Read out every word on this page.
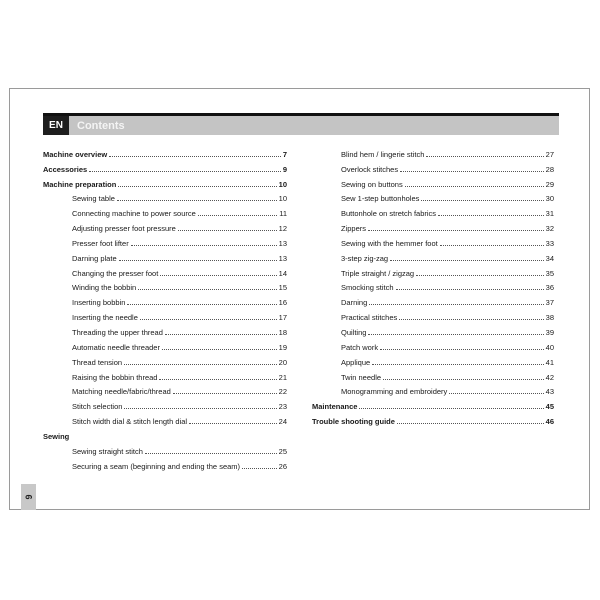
EN	Contents
Machine overview	7
Accessories	9
Machine preparation	10
Sewing table	10
Connecting machine to power source	11
Adjusting presser foot pressure	12
Presser foot lifter	13
Darning plate	13
Changing the presser foot	14
Winding the bobbin	15
Inserting bobbin	16
Inserting the needle	17
Threading the upper thread	18
Automatic needle threader	19
Thread tension	20
Raising the bobbin thread	21
Matching needle/fabric/thread	22
Stitch selection	23
Stitch width dial & stitch length dial	24
Sewing
Sewing straight stitch	25
Securing a seam (beginning and ending the seam)	26
Blind hem / lingerie stitch	27
Overlock stitches	28
Sewing on buttons	29
Sew 1-step buttonholes	30
Buttonhole on stretch fabrics	31
Zippers	32
Sewing with the hemmer foot	33
3-step zig-zag	34
Triple straight / zigzag	35
Smocking stitch	36
Darning	37
Practical stitches	38
Quilting	39
Patch work	40
Applique	41
Twin needle	42
Monogramming and embroidery	43
Maintenance	45
Trouble shooting guide	46
6
